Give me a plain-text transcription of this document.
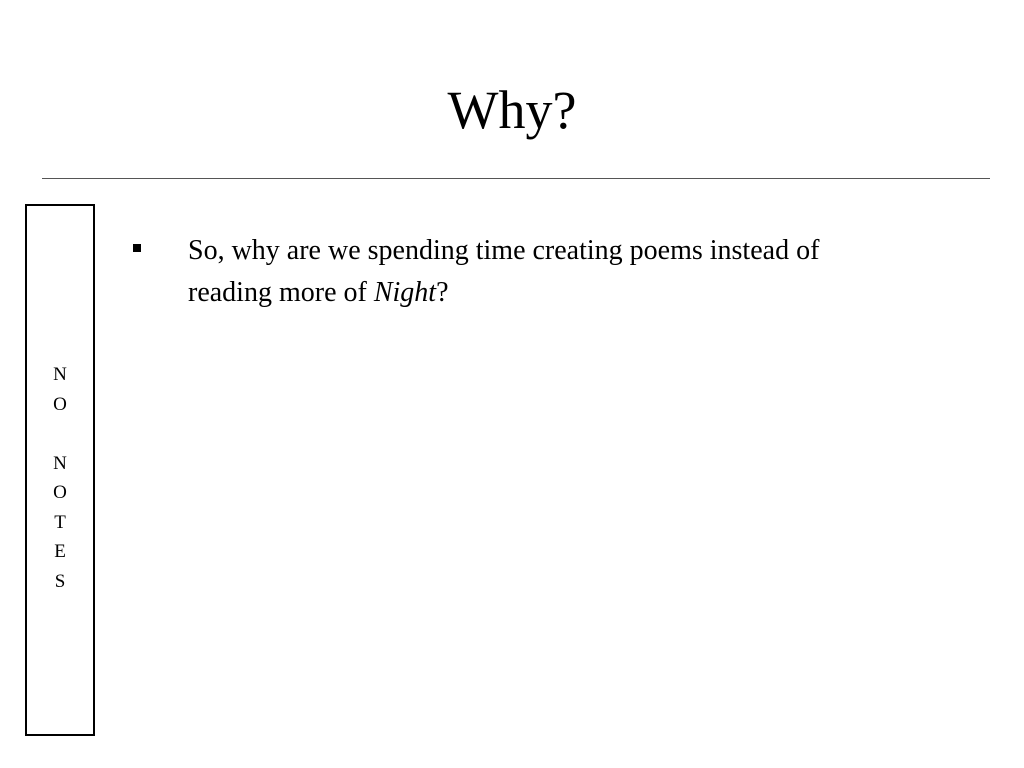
Why?
N
O
N
O
T
E
S
So, why are we spending time creating poems instead of reading more of Night?
